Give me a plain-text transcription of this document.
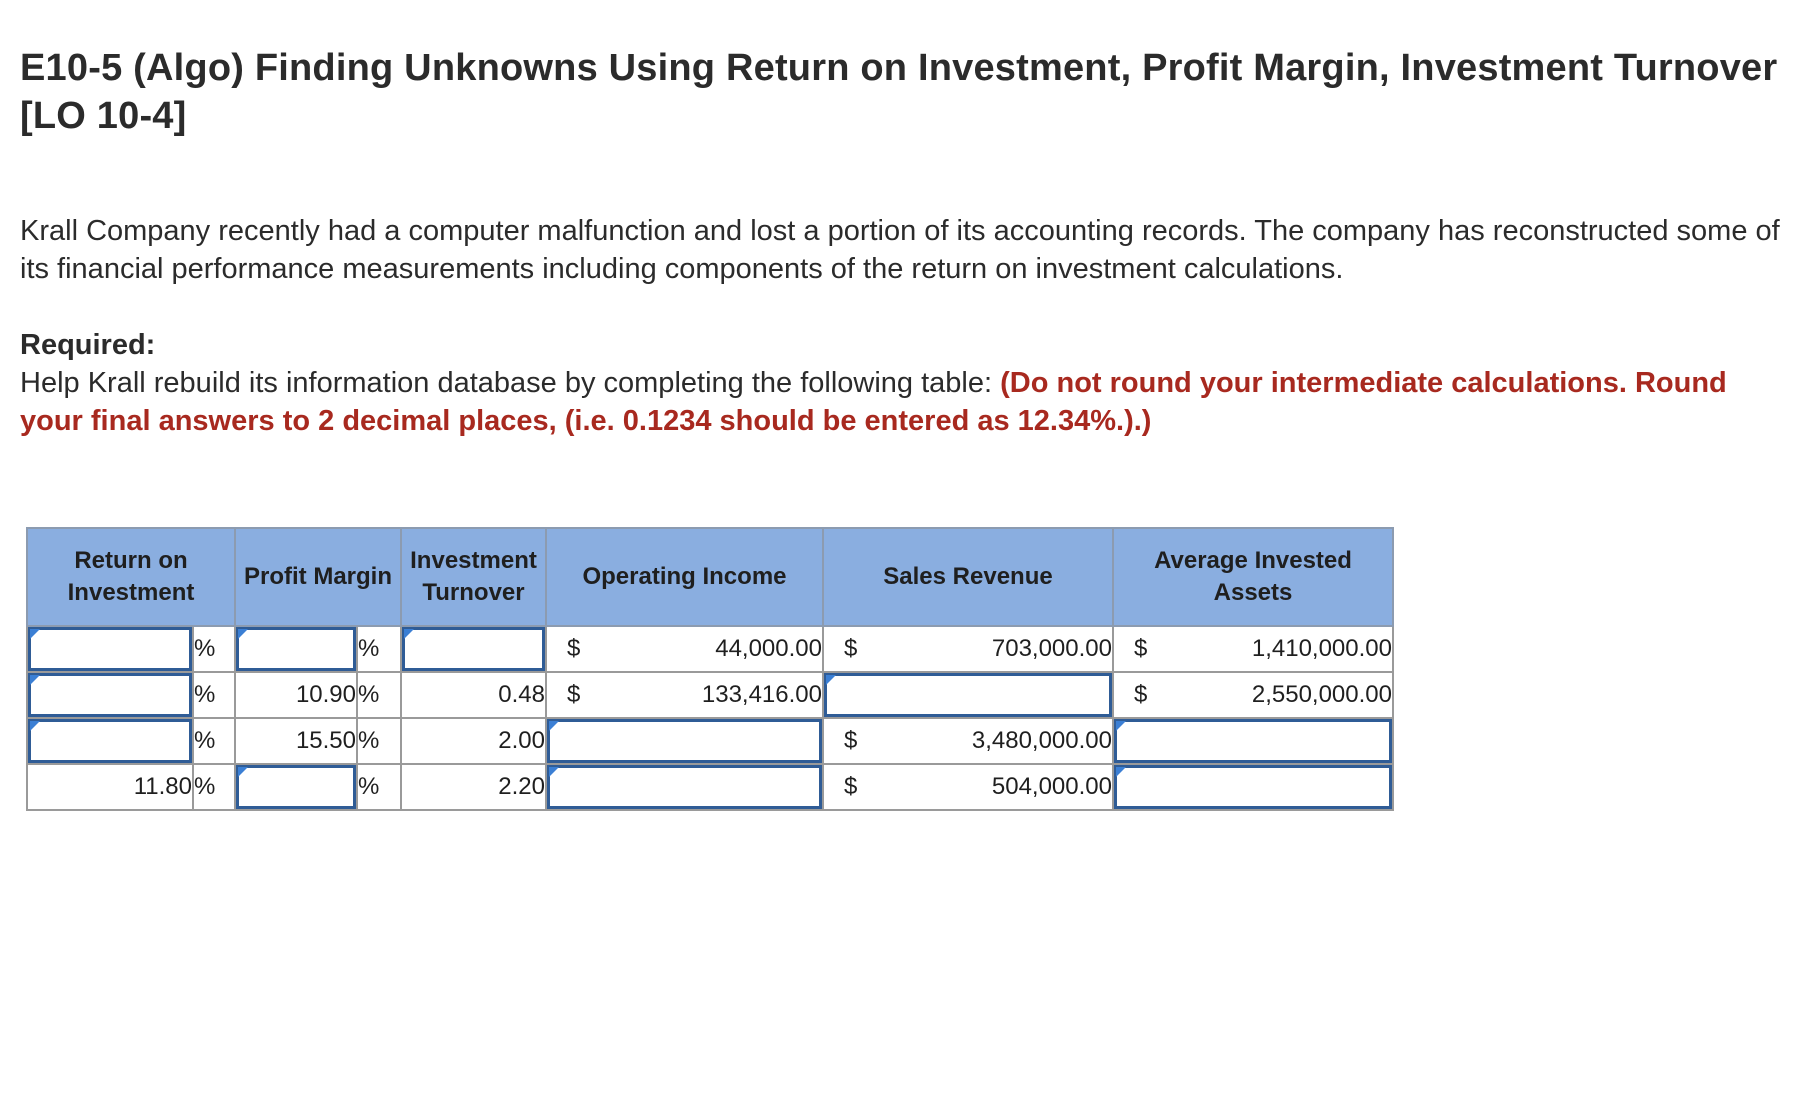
E10-5 (Algo) Finding Unknowns Using Return on Investment, Profit Margin, Investment Turnover [LO 10-4]
Krall Company recently had a computer malfunction and lost a portion of its accounting records. The company has reconstructed some of its financial performance measurements including components of the return on investment calculations.
Required:
Help Krall rebuild its information database by completing the following table: (Do not round your intermediate calculations. Round your final answers to 2 decimal places, (i.e. 0.1234 should be entered as 12.34%.).)
Return on Investment		Profit Margin		Investment Turnover	Operating Income	Sales Revenue	Average Invested Assets

	%		%		$ 44,000.00	$ 703,000.00	$ 1,410,000.00

	%	10.90	%	0.48	$ 133,416.00		$ 2,550,000.00

	%	15.50	%	2.00		$ 3,480,000.00	

11.80	%		%	2.20		$ 504,000.00	
